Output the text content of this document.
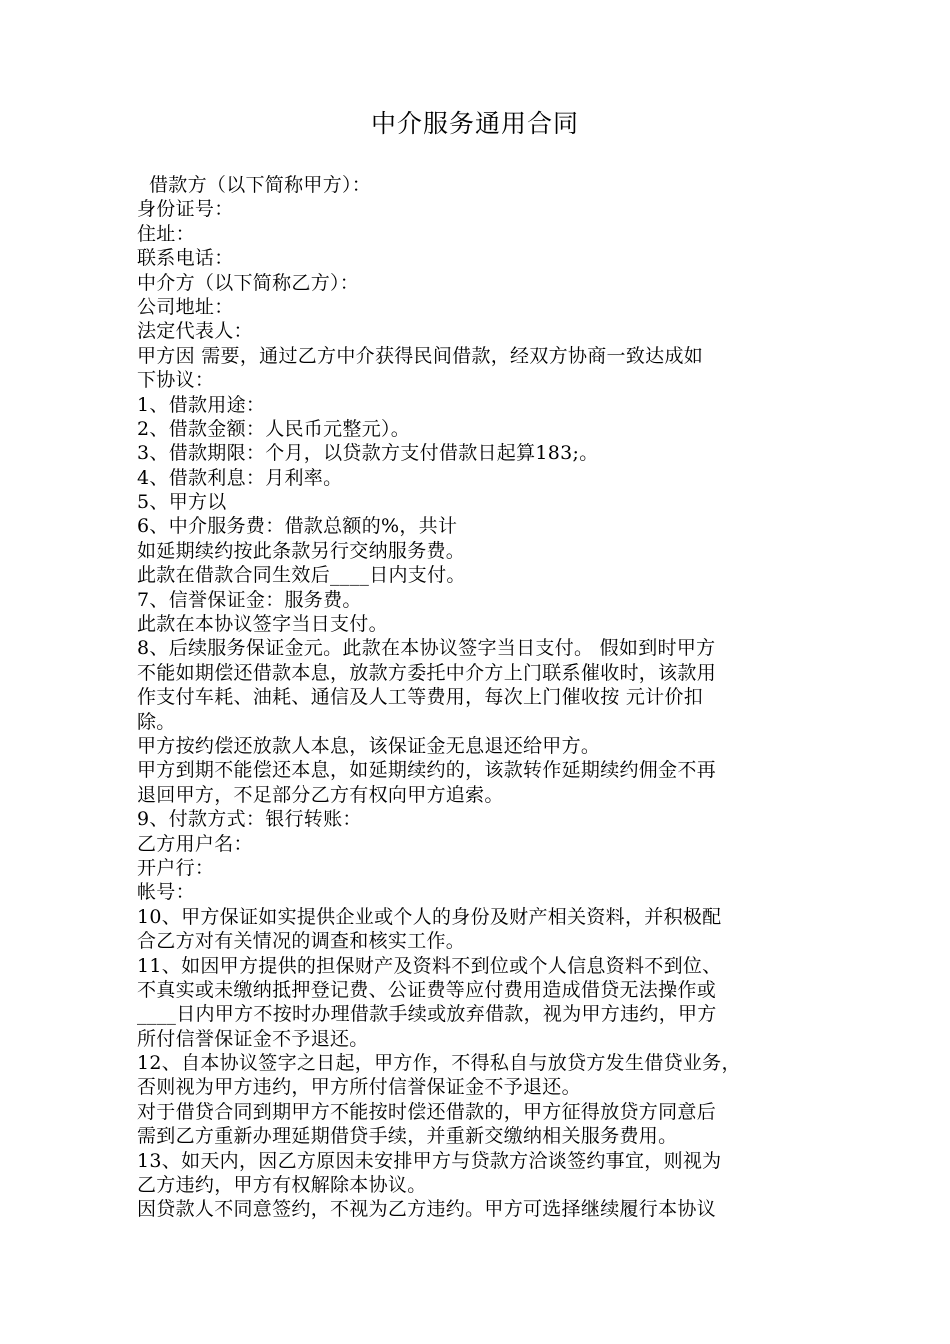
中介服务通用合同
借款方（以下简称甲方）：
身份证号：
住址：
联系电话：
中介方（以下简称乙方）：
公司地址：
法定代表人：
甲方因 需要，通过乙方中介获得民间借款，经双方协商一致达成如
下协议：
1、借款用途：
2、借款金额：人民币元整元）。
3、借款期限：个月，以贷款方支付借款日起算183;。
4、借款利息：月利率。
5、甲方以
6、中介服务费：借款总额的%，共计
如延期续约按此条款另行交纳服务费。
此款在借款合同生效后____日内支付。
7、信誉保证金：服务费。
此款在本协议签字当日支付。
8、后续服务保证金元。此款在本协议签字当日支付。 假如到时甲方
不能如期偿还借款本息，放款方委托中介方上门联系催收时，该款用
作支付车耗、油耗、通信及人工等费用，每次上门催收按 元计价扣
除。
甲方按约偿还放款人本息，该保证金无息退还给甲方。
甲方到期不能偿还本息，如延期续约的，该款转作延期续约佣金不再
退回甲方，不足部分乙方有权向甲方追索。
9、付款方式：银行转账：
乙方用户名：
开户行：
帐号：
10、甲方保证如实提供企业或个人的身份及财产相关资料，并积极配
合乙方对有关情况的调查和核实工作。
11、如因甲方提供的担保财产及资料不到位或个人信息资料不到位、
不真实或未缴纳抵押登记费、公证费等应付费用造成借贷无法操作或
____日内甲方不按时办理借款手续或放弃借款，视为甲方违约，甲方
所付信誉保证金不予退还。
12、自本协议签字之日起，甲方作，不得私自与放贷方发生借贷业务，
否则视为甲方违约，甲方所付信誉保证金不予退还。
对于借贷合同到期甲方不能按时偿还借款的，甲方征得放贷方同意后
需到乙方重新办理延期借贷手续，并重新交缴纳相关服务费用。
13、如天内，因乙方原因未安排甲方与贷款方洽谈签约事宜，则视为
乙方违约，甲方有权解除本协议。
因贷款人不同意签约，不视为乙方违约。甲方可选择继续履行本协议
